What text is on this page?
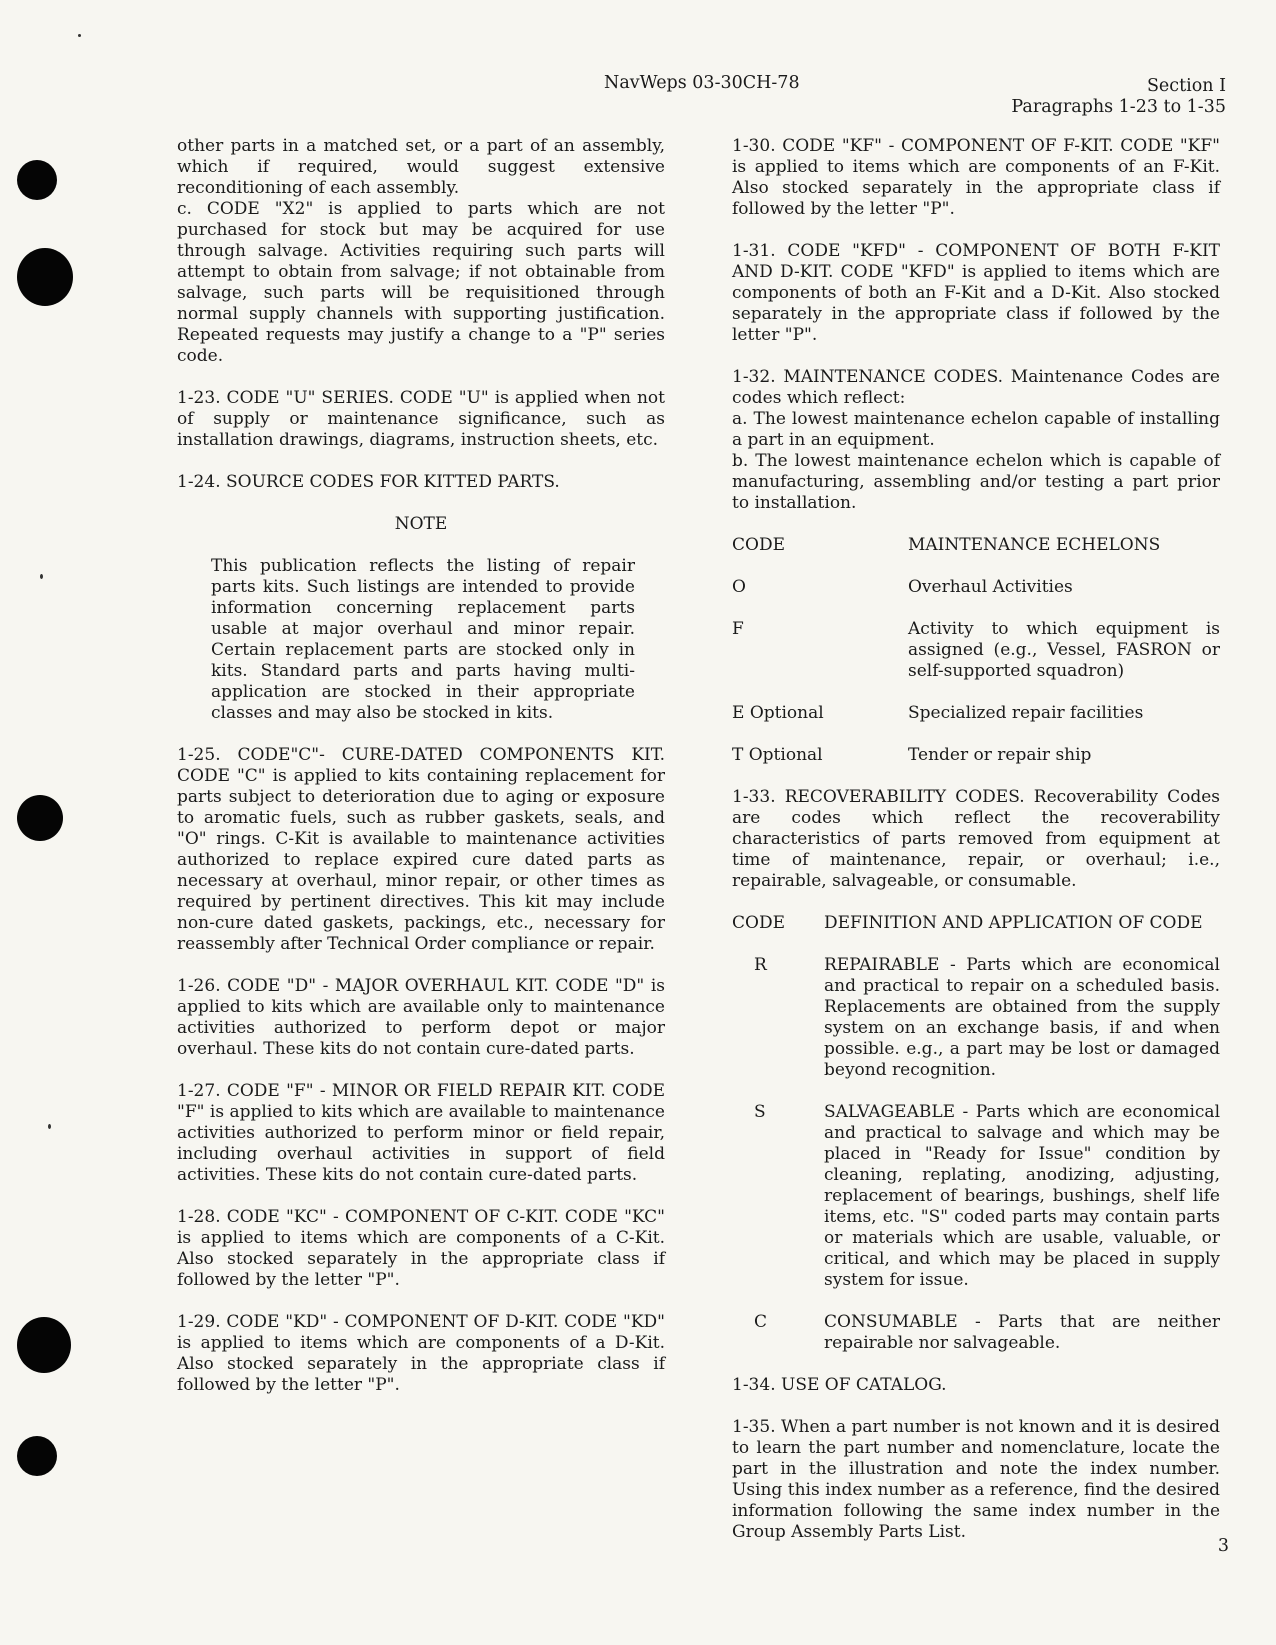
NavWeps 03-30CH-78	Section I
Paragraphs 1-23 to 1-35

other parts in a matched set, or a part of an assembly, which if required, would suggest extensive reconditioning of each assembly.

c. CODE "X2" is applied to parts which are not purchased for stock but may be acquired for use through salvage. Activities requiring such parts will attempt to obtain from salvage; if not obtainable from salvage, such parts will be requisitioned through normal supply channels with supporting justification. Repeated requests may justify a change to a "P" series code.

1-23. CODE "U" SERIES. CODE "U" is applied when not of supply or maintenance significance, such as installation drawings, diagrams, instruction sheets, etc.

1-24. SOURCE CODES FOR KITTED PARTS.

NOTE
This publication reflects the listing of repair parts kits. Such listings are intended to provide information concerning replacement parts usable at major overhaul and minor repair. Certain replacement parts are stocked only in kits. Standard parts and parts having multi-application are stocked in their appropriate classes and may also be stocked in kits.

1-25. CODE"C"- CURE-DATED COMPONENTS KIT. CODE "C" is applied to kits containing replacement for parts subject to deterioration due to aging or exposure to aromatic fuels, such as rubber gaskets, seals, and "O" rings. C-Kit is available to maintenance activities authorized to replace expired cure dated parts as necessary at overhaul, minor repair, or other times as required by pertinent directives. This kit may include non-cure dated gaskets, packings, etc., necessary for reassembly after Technical Order compliance or repair.

1-26. CODE "D" - MAJOR OVERHAUL KIT. CODE "D" is applied to kits which are available only to maintenance activities authorized to perform depot or major overhaul. These kits do not contain cure-dated parts.

1-27. CODE "F" - MINOR OR FIELD REPAIR KIT. CODE "F" is applied to kits which are available to maintenance activities authorized to perform minor or field repair, including overhaul activities in support of field activities. These kits do not contain cure-dated parts.

1-28. CODE "KC" - COMPONENT OF C-KIT. CODE "KC" is applied to items which are components of a C-Kit. Also stocked separately in the appropriate class if followed by the letter "P".

1-29. CODE "KD" - COMPONENT OF D-KIT. CODE "KD" is applied to items which are components of a D-Kit. Also stocked separately in the appropriate class if followed by the letter "P".

1-30. CODE "KF" - COMPONENT OF F-KIT. CODE "KF" is applied to items which are components of an F-Kit. Also stocked separately in the appropriate class if followed by the letter "P".

1-31. CODE "KFD" - COMPONENT OF BOTH F-KIT AND D-KIT. CODE "KFD" is applied to items which are components of both an F-Kit and a D-Kit. Also stocked separately in the appropriate class if followed by the letter "P".

1-32. MAINTENANCE CODES. Maintenance Codes are codes which reflect:

a. The lowest maintenance echelon capable of installing a part in an equipment.

b. The lowest maintenance echelon which is capable of manufacturing, assembling and/or testing a part prior to installation.

CODE	MAINTENANCE ECHELONS
O	Overhaul Activities
F	Activity to which equipment is assigned (e.g., Vessel, FASRON or self-supported squadron)
E Optional	Specialized repair facilities
T Optional	Tender or repair ship

1-33. RECOVERABILITY CODES. Recoverability Codes are codes which reflect the recoverability characteristics of parts removed from equipment at time of maintenance, repair, or overhaul; i.e., repairable, salvageable, or consumable.

CODE	DEFINITION AND APPLICATION OF CODE
R	REPAIRABLE - Parts which are economical and practical to repair on a scheduled basis. Replacements are obtained from the supply system on an exchange basis, if and when possible. e.g., a part may be lost or damaged beyond recognition.
S	SALVAGEABLE - Parts which are economical and practical to salvage and which may be placed in "Ready for Issue" condition by cleaning, replating, anodizing, adjusting, replacement of bearings, bushings, shelf life items, etc. "S" coded parts may contain parts or materials which are usable, valuable, or critical, and which may be placed in supply system for issue.
C	CONSUMABLE - Parts that are neither repairable nor salvageable.

1-34. USE OF CATALOG.

1-35. When a part number is not known and it is desired to learn the part number and nomenclature, locate the part in the illustration and note the index number. Using this index number as a reference, find the desired information following the same index number in the Group Assembly Parts List.

3
